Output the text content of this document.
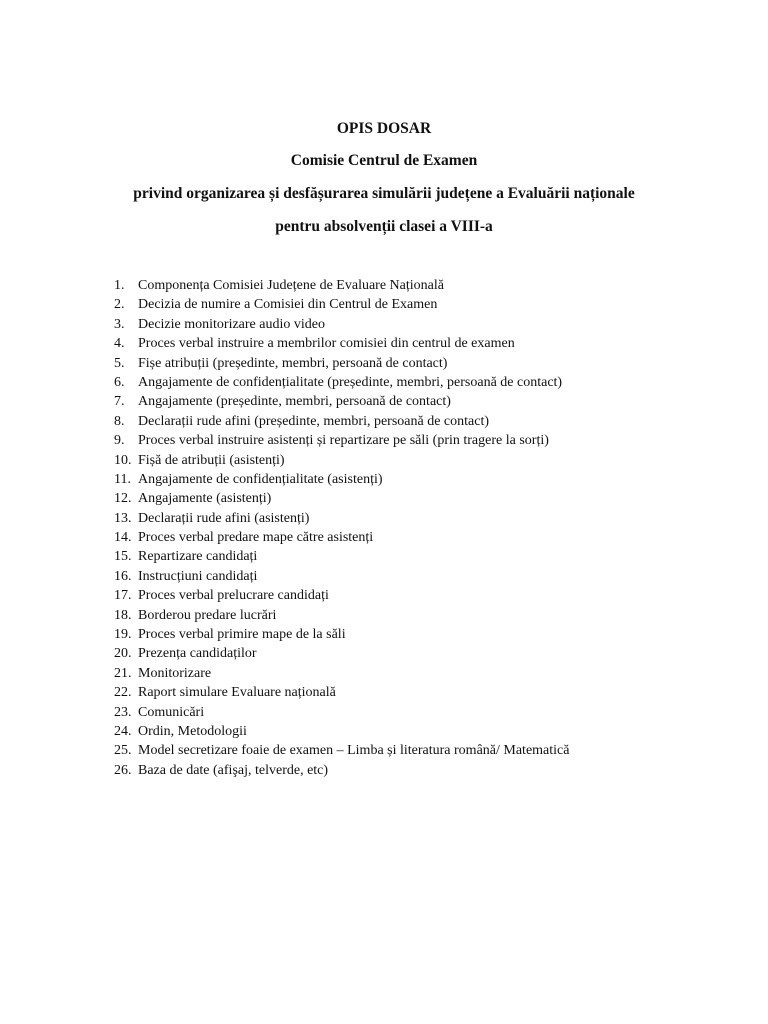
OPIS DOSAR
Comisie Centrul de Examen
privind organizarea și desfășurarea simulării județene a Evaluării naționale
pentru absolvenții clasei a VIII-a
1. Componența Comisiei Județene de Evaluare Națională
2. Decizia de numire a Comisiei din Centrul de Examen
3. Decizie monitorizare audio video
4. Proces verbal instruire a membrilor comisiei din centrul de examen
5. Fișe atribuții (președinte, membri, persoană de contact)
6. Angajamente de confidențialitate (președinte, membri, persoană de contact)
7. Angajamente (președinte, membri, persoană de contact)
8. Declarații rude afini (președinte, membri, persoană de contact)
9. Proces verbal instruire asistenți și repartizare pe săli (prin tragere la sorți)
10. Fișă de atribuții (asistenți)
11. Angajamente de confidențialitate (asistenți)
12. Angajamente (asistenți)
13. Declarații rude afini (asistenți)
14. Proces verbal predare mape către asistenți
15. Repartizare candidați
16. Instrucțiuni candidați
17. Proces verbal prelucrare candidați
18. Borderou predare lucrări
19. Proces verbal primire mape de la săli
20. Prezența candidaților
21. Monitorizare
22. Raport simulare Evaluare națională
23. Comunicări
24. Ordin, Metodologii
25. Model secretizare foaie de examen – Limba și literatura română/ Matematică
26. Baza de date (afişaj, telverde, etc)
